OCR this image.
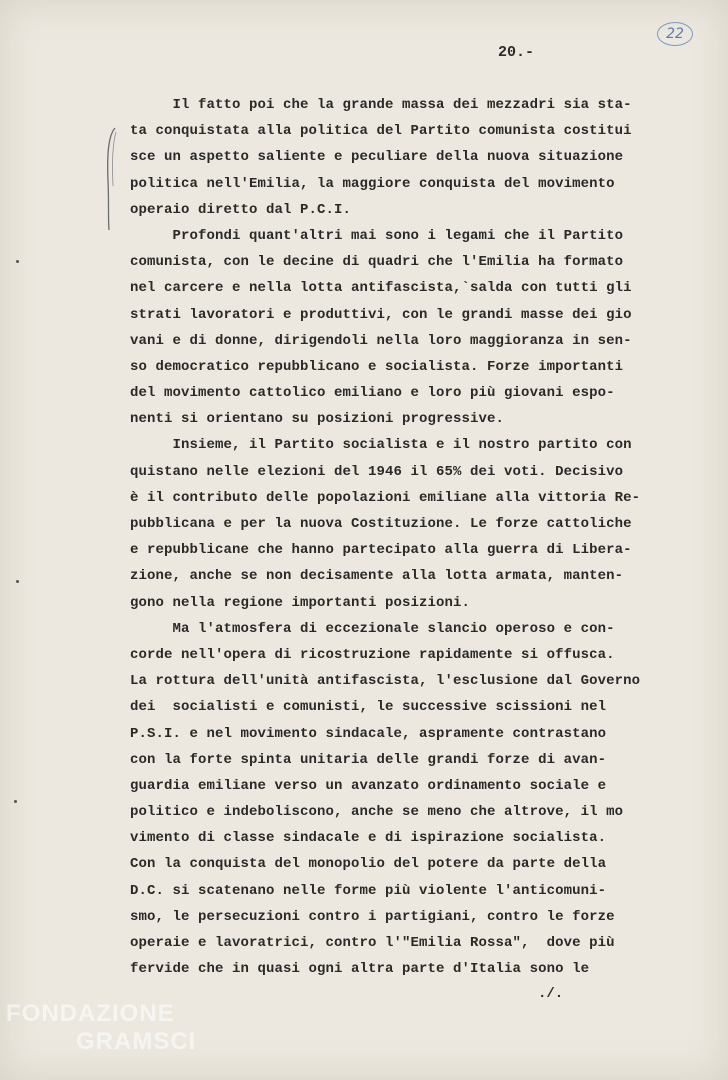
22
20.-
Il fatto poi che la grande massa dei mezzadri sia sta-
ta conquistata alla politica del Partito comunista costitui
sce un aspetto saliente e peculiare della nuova situazione
politica nell'Emilia, la maggiore conquista del movimento
operaio diretto dal P.C.I.
Profondi quant'altri mai sono i legami che il Partito
comunista, con le decine di quadri che l'Emilia ha formato
nel carcere e nella lotta antifascista,`salda con tutti gli
strati lavoratori e produttivi, con le grandi masse dei gio
vani e di donne, dirigendoli nella loro maggioranza in sen-
so democratico repubblicano e socialista. Forze importanti
del movimento cattolico emiliano e loro più giovani espo-
nenti si orientano su posizioni progressive.
Insieme, il Partito socialista e il nostro partito con
quistano nelle elezioni del 1946 il 65% dei voti. Decisivo
è il contributo delle popolazioni emiliane alla vittoria Re-
pubblicana e per la nuova Costituzione. Le forze cattoliche
e repubblicane che hanno partecipato alla guerra di Libera-
zione, anche se non decisamente alla lotta armata, manten-
gono nella regione importanti posizioni.
Ma l'atmosfera di eccezionale slancio operoso e con-
corde nell'opera di ricostruzione rapidamente si offusca.
La rottura dell'unità antifascista, l'esclusione dal Governo
dei  socialisti e comunisti, le successive scissioni nel
P.S.I. e nel movimento sindacale, aspramente contrastano
con la forte spinta unitaria delle grandi forze di avan-
guardia emiliane verso un avanzato ordinamento sociale e
politico e indeboliscono, anche se meno che altrove, il mo
vimento di classe sindacale e di ispirazione socialista.
Con la conquista del monopolio del potere da parte della
D.C. si scatenano nelle forme più violente l'anticomuni-
smo, le persecuzioni contro i partigiani, contro le forze
operaie e lavoratrici, contro l'"Emilia Rossa",  dove più
fervide che in quasi ogni altra parte d'Italia sono le
./.
FONDAZIONE
GRAMSCI
